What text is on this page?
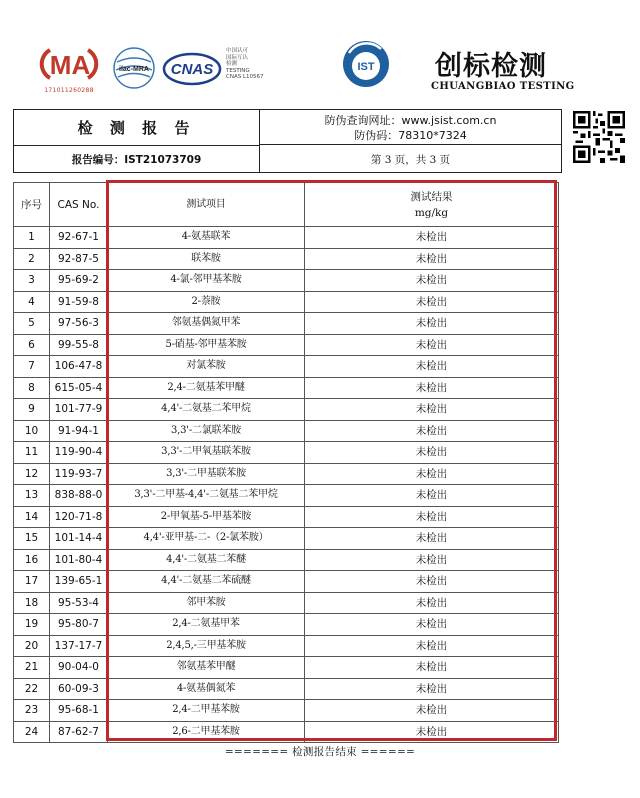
MA
171011260288
ilac-MRA CNAS
中国认可
国际互认
检测
TESTING
CNAS L10567
IST 创标检测
CHUANGBIAO TESTING
检 测 报 告	防伪查询网址：www.jsist.com.cn
防伪码：78310*7324
报告编号：IST21073709	第 3 页，共 3 页
序号	CAS No.	测试项目	测试结果
mg/kg

1	92-67-1	4-氨基联苯	未检出
2	92-87-5	联苯胺	未检出
3	95-69-2	4-氯-邻甲基苯胺	未检出
4	91-59-8	2-萘胺	未检出
5	97-56-3	邻氨基偶氮甲苯	未检出
6	99-55-8	5-硝基-邻甲基苯胺	未检出
7	106-47-8	对氯苯胺	未检出
8	615-05-4	2,4-二氨基苯甲醚	未检出
9	101-77-9	4,4'-二氨基二苯甲烷	未检出
10	91-94-1	3,3'-二氯联苯胺	未检出
11	119-90-4	3,3'-二甲氧基联苯胺	未检出
12	119-93-7	3,3'-二甲基联苯胺	未检出
13	838-88-0	3,3'-二甲基-4,4'-二氨基二苯甲烷	未检出
14	120-71-8	2-甲氧基-5-甲基苯胺	未检出
15	101-14-4	4,4'-亚甲基-二-（2-氯苯胺）	未检出
16	101-80-4	4,4'-二氨基二苯醚	未检出
17	139-65-1	4,4'-二氨基二苯硫醚	未检出
18	95-53-4	邻甲苯胺	未检出
19	95-80-7	2,4-二氨基甲苯	未检出
20	137-17-7	2,4,5,-三甲基苯胺	未检出
21	90-04-0	邻氨基苯甲醚	未检出
22	60-09-3	4-氨基偶氮苯	未检出
23	95-68-1	2,4-二甲基苯胺	未检出
24	87-62-7	2,6-二甲基苯胺	未检出
======= 检测报告结束 ======
